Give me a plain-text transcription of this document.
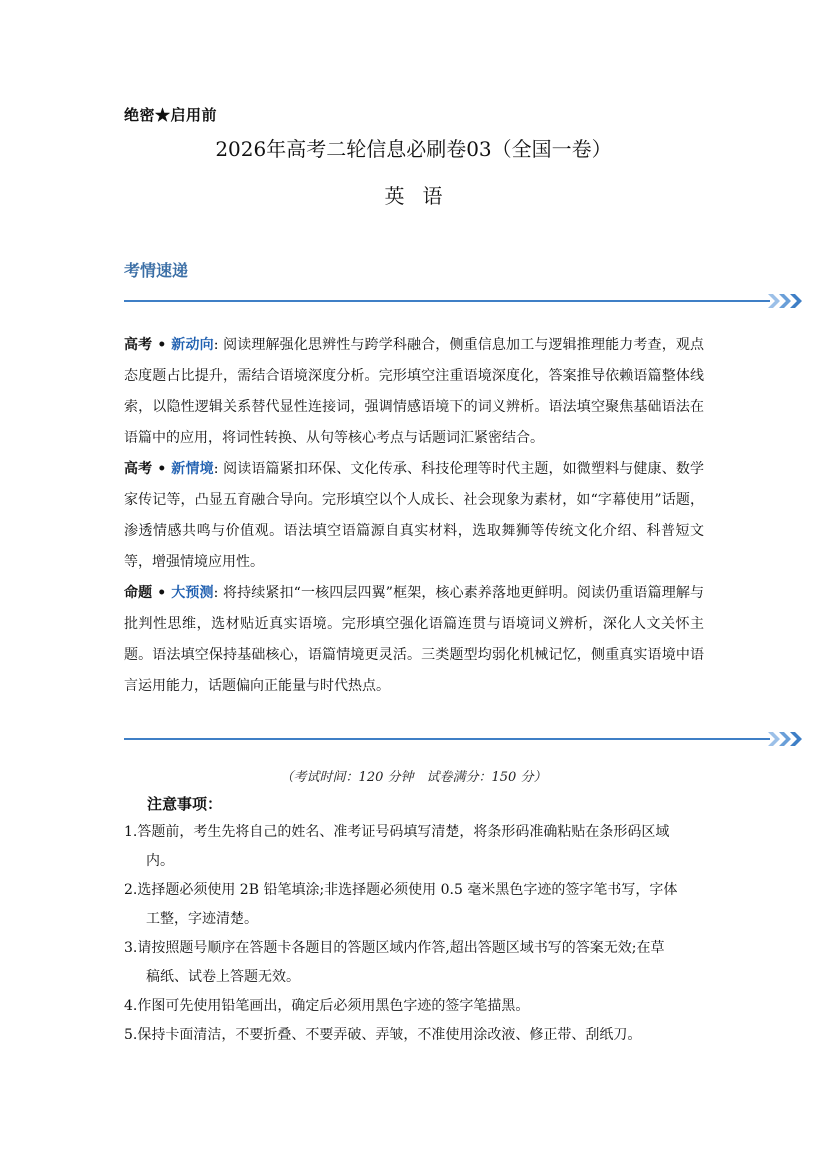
绝密★启用前
2026年高考二轮信息必刷卷03（全国一卷）
英语
考情速递

高考 • 新动向: 阅读理解强化思辨性与跨学科融合，侧重信息加工与逻辑推理能力考查，观点态度题占比提升，需结合语境深度分析。完形填空注重语境深度化，答案推导依赖语篇整体线索，以隐性逻辑关系替代显性连接词，强调情感语境下的词义辨析。语法填空聚焦基础语法在语篇中的应用，将词性转换、从句等核心考点与话题词汇紧密结合。

高考 • 新情境: 阅读语篇紧扣环保、文化传承、科技伦理等时代主题，如微塑料与健康、数学家传记等，凸显五育融合导向。完形填空以个人成长、社会现象为素材，如“字幕使用”话题，渗透情感共鸣与价值观。语法填空语篇源自真实材料，选取舞狮等传统文化介绍、科普短文等，增强情境应用性。

命题 • 大预测: 将持续紧扣“一核四层四翼”框架，核心素养落地更鲜明。阅读仍重语篇理解与批判性思维，选材贴近真实语境。完形填空强化语篇连贯与语境词义辨析，深化人文关怀主题。语法填空保持基础核心，语篇情境更灵活。三类题型均弱化机械记忆，侧重真实语境中语言运用能力，话题偏向正能量与时代热点。

（考试时间：120 分钟　试卷满分：150 分）
注意事项：
1.答题前，考生先将自己的姓名、准考证号码填写清楚，将条形码准确粘贴在条形码区域
内。
2.选择题必须使用 2B 铅笔填涂;非选择题必须使用 0.5 毫米黑色字迹的签字笔书写，字体
工整，字迹清楚。
3.请按照题号顺序在答题卡各题目的答题区域内作答,超出答题区域书写的答案无效;在草
稿纸、试卷上答题无效。
4.作图可先使用铅笔画出，确定后必须用黑色字迹的签字笔描黑。
5.保持卡面清洁，不要折叠、不要弄破、弄皱，不准使用涂改液、修正带、刮纸刀。
